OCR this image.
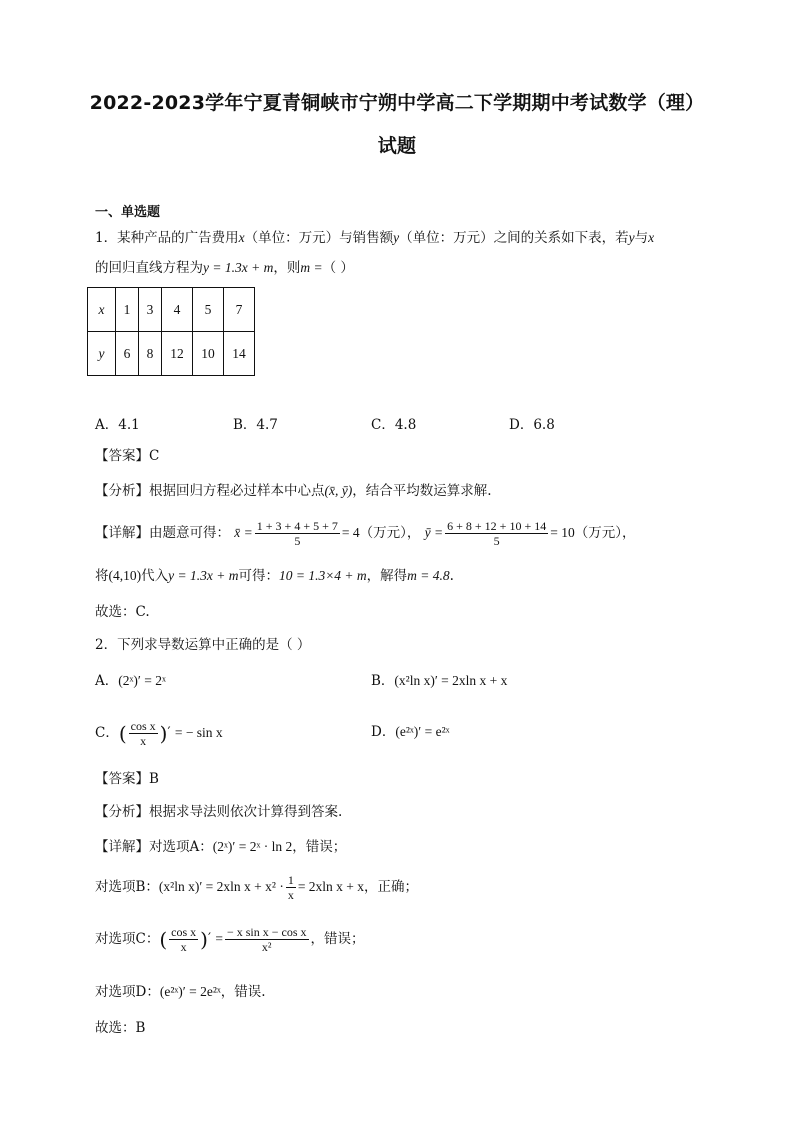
2022-2023学年宁夏青铜峡市宁朔中学高二下学期期中考试数学（理）
试题
一、单选题
1．某种产品的广告费用x（单位：万元）与销售额y（单位：万元）之间的关系如下表，若y与x
的回归直线方程为y = 1.3x + m，则m =（ ）
x	1	3	4	5	7
y	6	8	12	10	14
A．4.1	B．4.7	C．4.8	D．6.8
【答案】C
【分析】根据回归方程必过样本中心点(x̄, ȳ)，结合平均数运算求解.
【详解】由题意可得： x̄ = $\frac{1 + 3 + 4 + 5 + 7}{5} = 4$（万元）， ȳ = $\frac{6 + 8 + 12 + 10 + 14}{5} = 10$（万元），
将(4,10)代入y = 1.3x + m可得：10 = 1.3×4 + m，解得m = 4.8.
故选：C.
2．下列求导数运算中正确的是（ ）
A．(2ˣ)′ = 2ˣ	B．(x²ln x)′ = 2xln x + x
C．( $\frac{\text{cos x}}{x}$ )′ = − sin x	D．(e²ˣ)′ = e²ˣ
【答案】B
【分析】根据求导法则依次计算得到答案.
【详解】对选项A：(2ˣ)′ = 2ˣ · ln 2，错误；
对选项B：(x²ln x)′ = 2xln $x + x^2 \cdot \frac{1}{x} = 2xln$ x + x，正确；
对选项C：( $\frac{\text{cos x}}{x}$ )′ = $\frac{\text{− x sin x − cos x}}{\text{x²}}$ ，错误；
对选项D：(e²ˣ)′ = 2e²ˣ，错误.
故选：B
